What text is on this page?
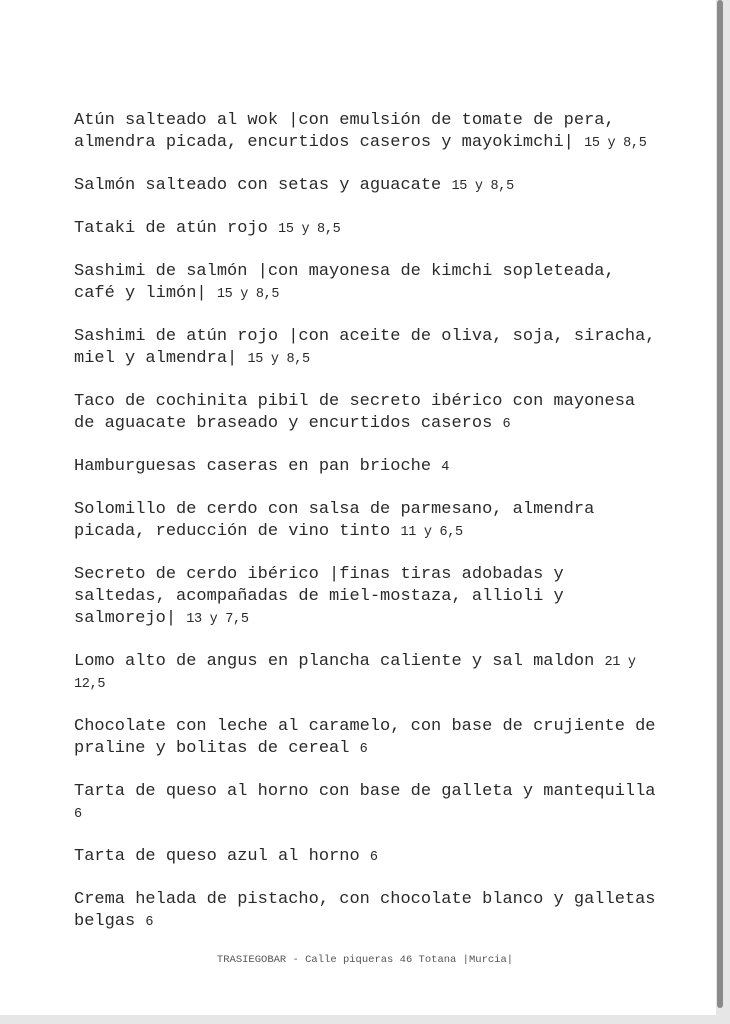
Atún salteado al wok |con emulsión de tomate de pera,
almendra picada, encurtidos caseros y mayokimchi| 15 y 8,5
Salmón salteado con setas y aguacate 15 y 8,5
Tataki de atún rojo 15 y 8,5
Sashimi de salmón |con mayonesa de kimchi sopleteada,
café y limón| 15 y 8,5
Sashimi de atún rojo |con aceite de oliva, soja, siracha,
miel y almendra| 15 y 8,5
Taco de cochinita pibil de secreto ibérico con mayonesa
de aguacate braseado y encurtidos caseros 6
Hamburguesas caseras en pan brioche 4
Solomillo de cerdo con salsa de parmesano, almendra
picada, reducción de vino tinto 11 y 6,5
Secreto de cerdo ibérico |finas tiras adobadas y
saltedas, acompañadas de miel-mostaza, allioli y
salmorejo| 13 y 7,5
Lomo alto de angus en plancha caliente y sal maldon 21 y
12,5
Chocolate con leche al caramelo, con base de crujiente de
praline y bolitas de cereal 6
Tarta de queso al horno con base de galleta y mantequilla
6
Tarta de queso azul al horno 6
Crema helada de pistacho, con chocolate blanco y galletas
belgas 6
TRASIEGOBAR - Calle piqueras 46 Totana |Murcia|
